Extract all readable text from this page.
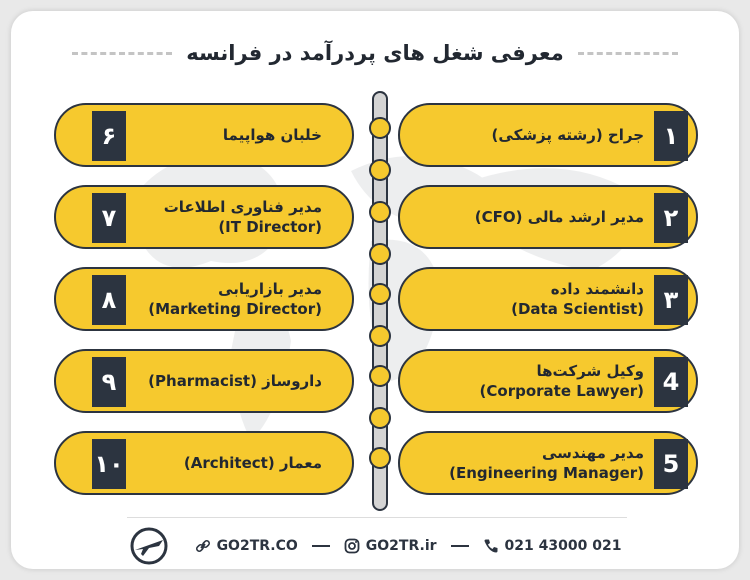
معرفی شغل های پردرآمد در فرانسه
جراح (رشته پزشکی) ۱
مدیر ارشد مالی (CFO) ۲
دانشمند داده
(Data Scientist) ۳
وکیل شرکت‌ها
(Corporate Lawyer) 4
مدیر مهندسی
(Engineering Manager) 5
۶	خلبان هواپیما
۷	مدیر فناوری اطلاعات
(IT Director)
۸	مدیر بازاریابی
(Marketing Director)
۹	داروساز (Pharmacist)
۱۰	معمار (Architect)
GO2TR.CO	GO2TR.ir	021 43000 021
